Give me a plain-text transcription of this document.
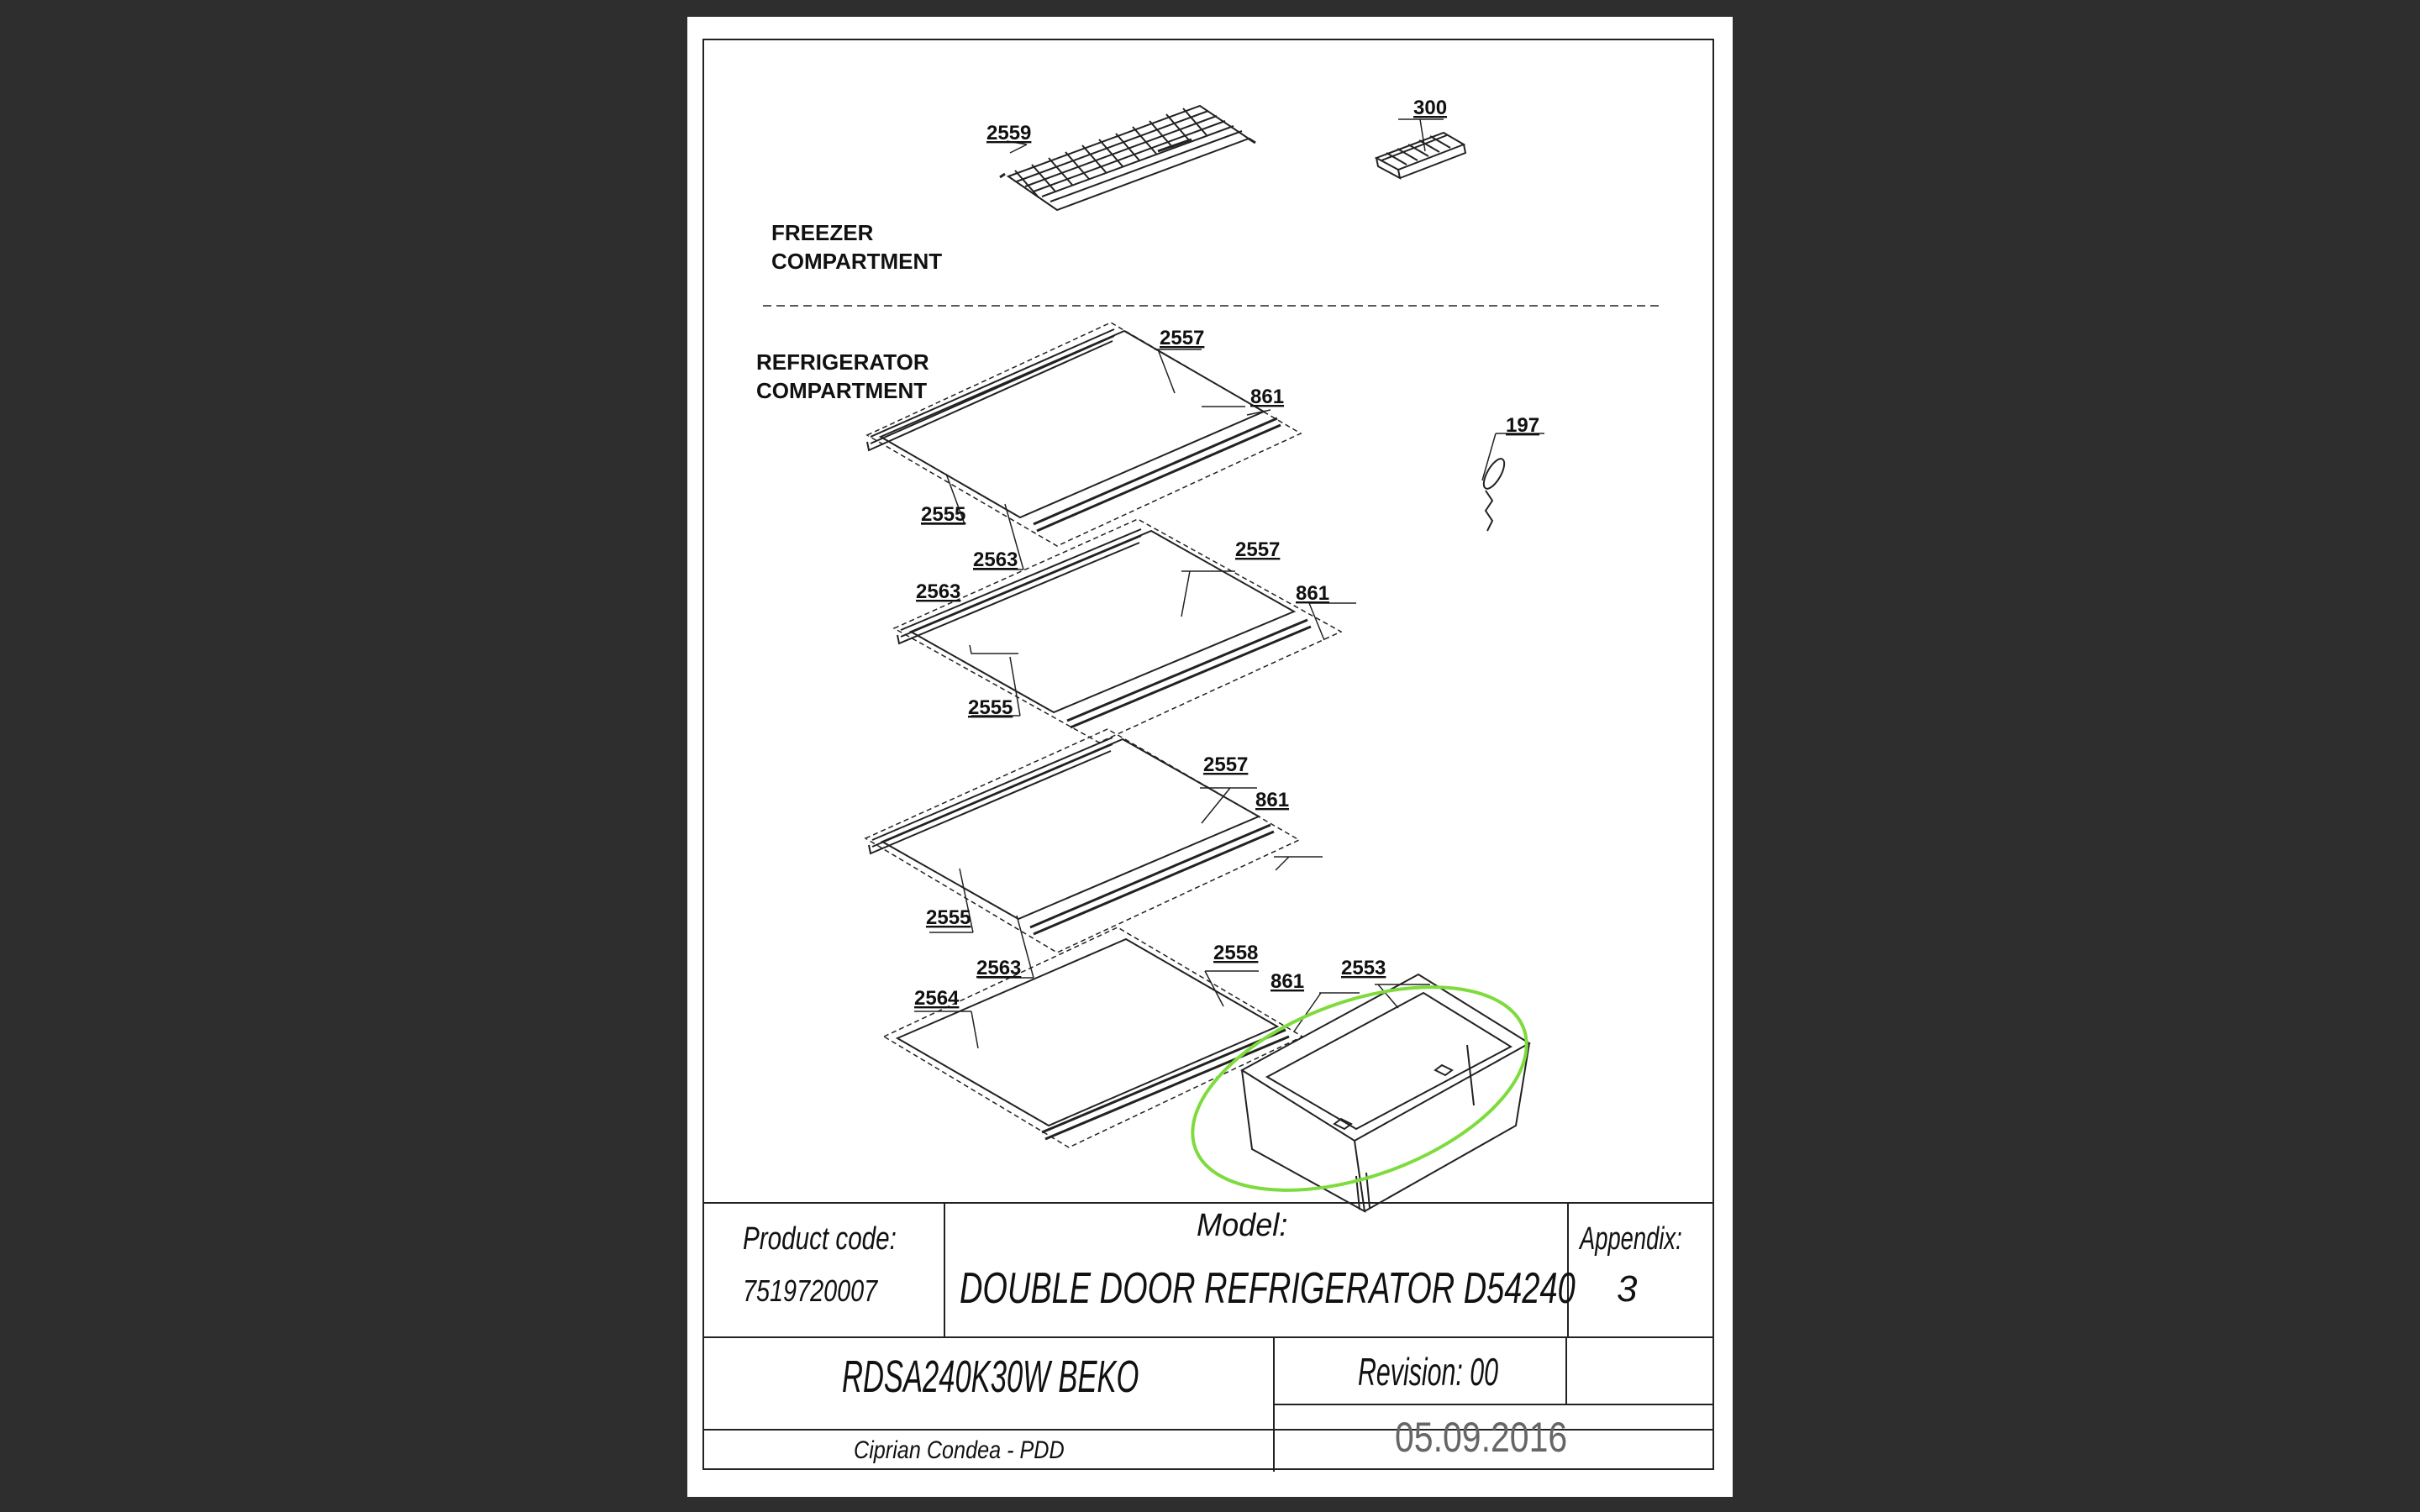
FREEZER
COMPARTMENT
REFRIGERATOR
COMPARTMENT
2559
300
2557
861
197
2555
2563	2557
861
2563
2555
2557
861
2555
2563
2558
2553
861
2564
Product code:
7519720007
Model:
DOUBLE DOOR REFRIGERATOR D54240
Appendix:
3
RDSA240K30W BEKO	Revision: 00
Ciprian Condea - PDD	05.09.2016
